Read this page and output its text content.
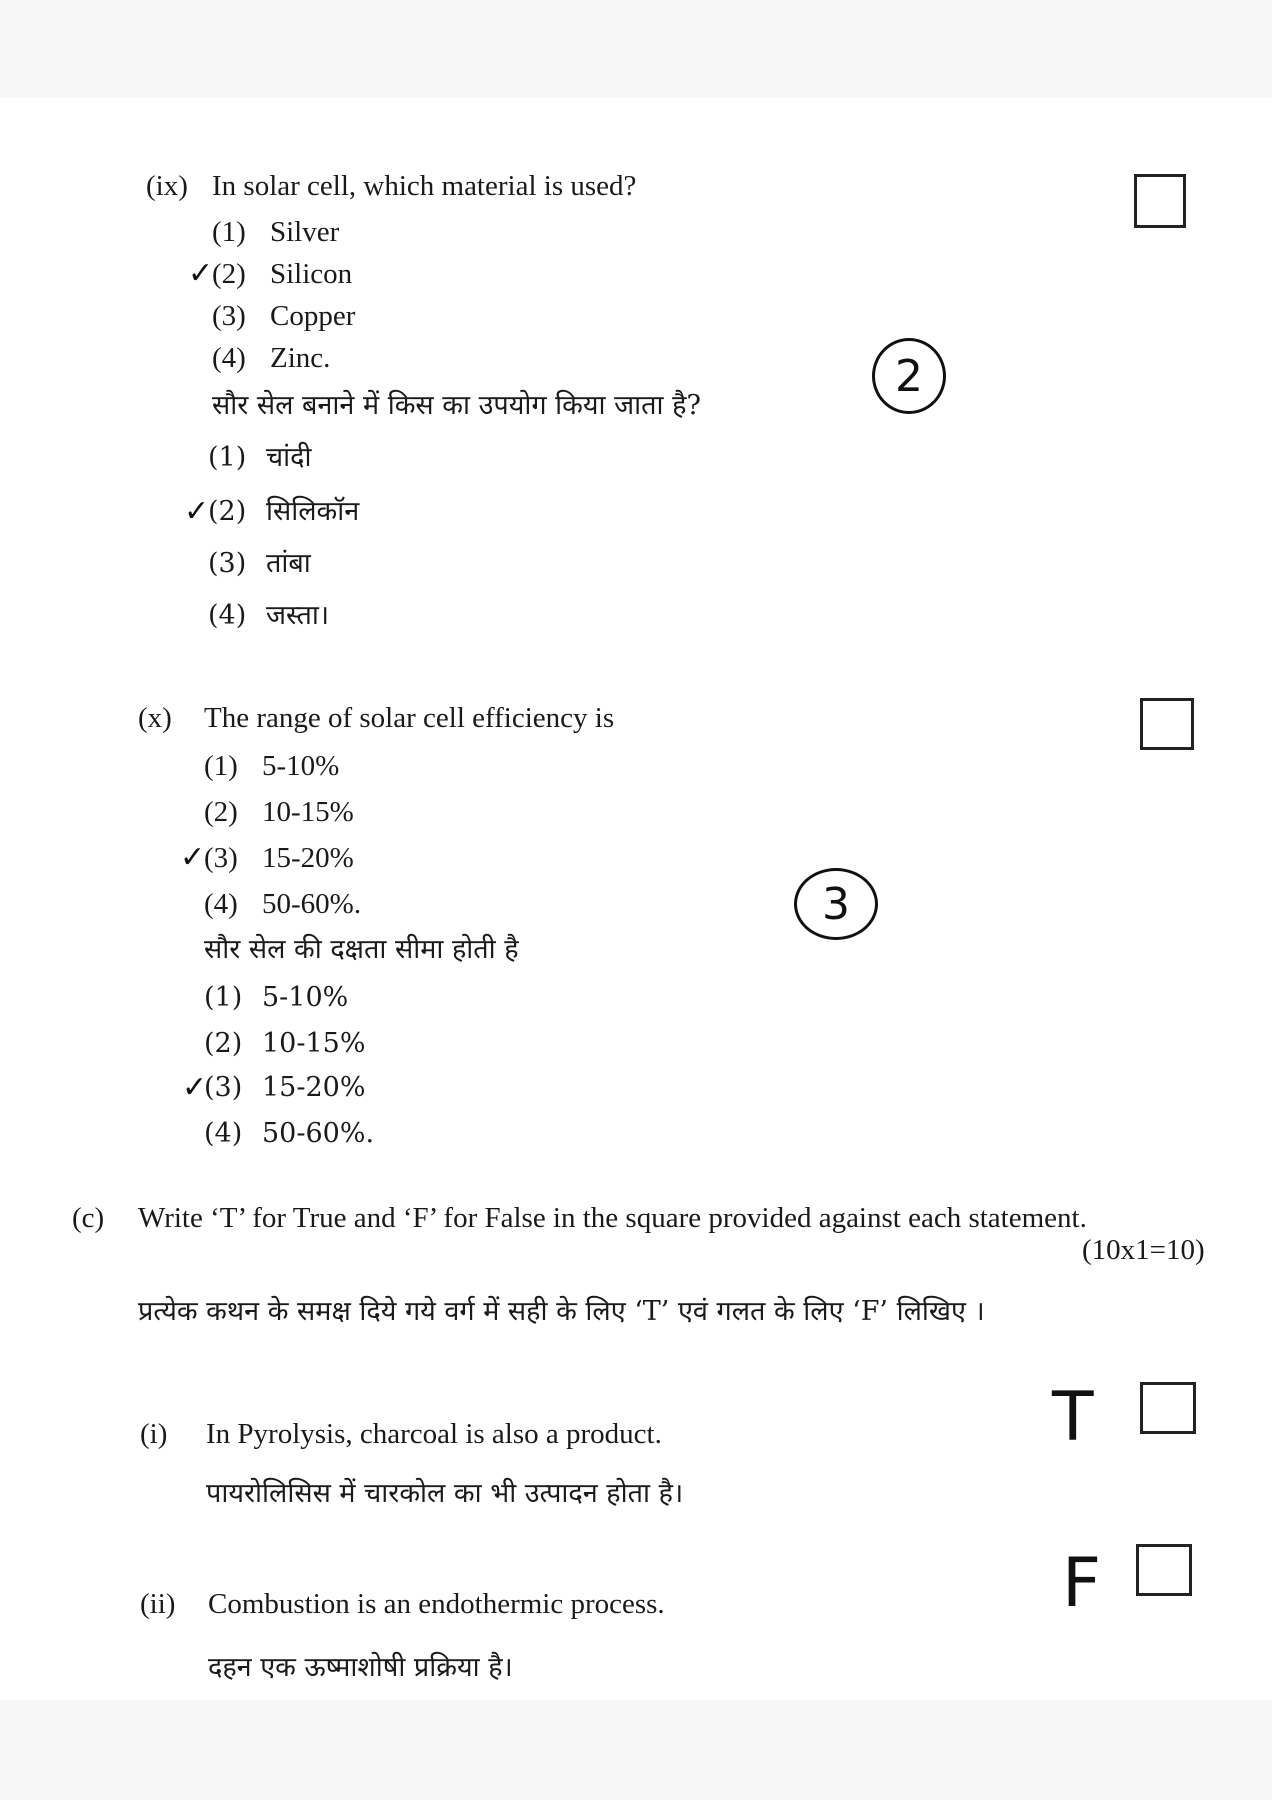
(ix) In solar cell, which material is used?
(1) Silver
✓
(2) Silicon
(3) Copper
(4) Zinc.	2
सौर सेल बनाने में किस का उपयोग किया जाता है?
(1) चांदी
✓
(2) सिलिकॉन
(3) तांबा
(4) जस्ता।
(x) The range of solar cell efficiency is
(1) 5-10%
(2) 10-15%
✓
(3) 15-20%
(4) 50-60%.	3
सौर सेल की दक्षता सीमा होती है
(1) 5-10%
(2) 10-15%
✓
(3) 15-20%
(4) 50-60%.
(c) Write ‘T’ for True and ‘F’ for False in the square provided against each statement.
(10x1=10)
प्रत्येक कथन के समक्ष दिये गये वर्ग में सही के लिए ‘T’ एवं गलत के लिए ‘F’ लिखिए ।
(i) In Pyrolysis, charcoal is also a product.	T
पायरोलिसिस में चारकोल का भी उत्पादन होता है।
(ii) Combustion is an endothermic process.	F
दहन एक ऊष्माशोषी प्रक्रिया है।
